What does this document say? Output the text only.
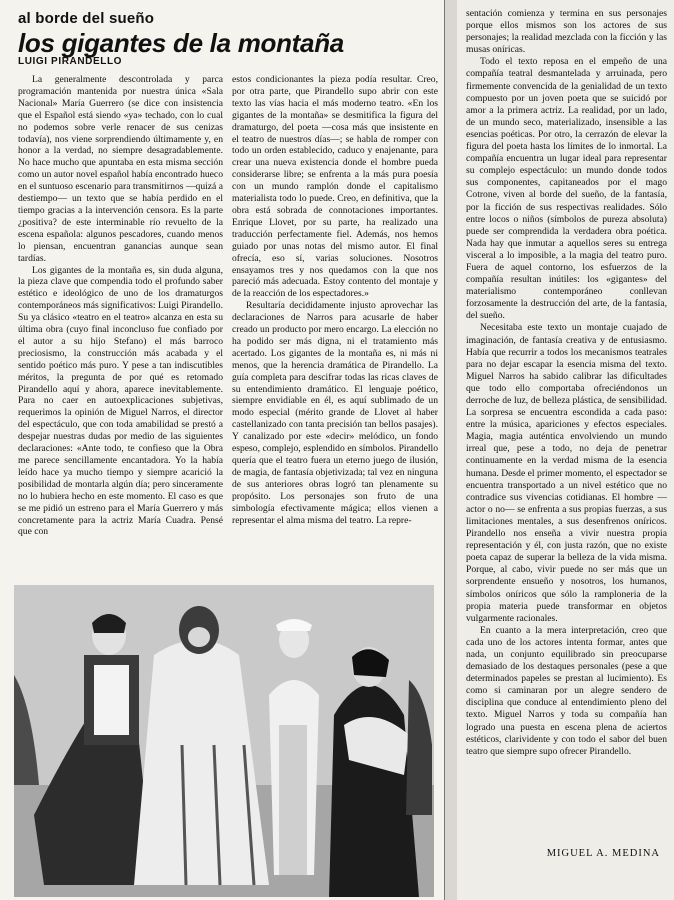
al borde del sueño
los gigantes de la montaña
LUIGI PIRANDELLO

La generalmente descontrolada y parca programación mantenida por nuestra única «Sala Nacional» María Guerrero (se dice con insistencia que el Español está siendo «ya» techado, con lo cual no podemos sobre verle renacer de sus cenizas todavía), nos viene sorprendiendo últimamente y, en honor a la verdad, no siempre desagradablemente. No hace mucho que apuntaba en esta misma sección como un autor novel español había encontrado hueco en el suntuoso escenario para transmitirnos —quizá a destiempo— un texto que se había perdido en el tiempo gracias a la intervención censora. Es la parte ¿positiva? de este interminable río revuelto de la escena española: algunos pescadores, cuando menos lo piensan, encuentran ganancias aunque sean tardías.

Los gigantes de la montaña es, sin duda alguna, la pieza clave que compendia todo el profundo saber estético e ideológico de uno de los dramaturgos contemporáneos más significativos: Luigi Pirandello. Su ya clásico «teatro en el teatro» alcanza en esta su última obra (cuyo final inconcluso fue confiado por el autor a su hijo Stefano) el más barroco preciosismo, la construcción más acabada y el sentido poético más puro. Y pese a tan indiscutibles méritos, la pregunta de por qué es retomado Pirandello aquí y ahora, aparece inevitablemente. Para no caer en autoexplicaciones subjetivas, requerimos la opinión de Miguel Narros, el director del espectáculo, que con toda amabilidad se prestó a despejar nuestras dudas por medio de las siguientes declaraciones: «Ante todo, te confieso que la Obra me parece sencillamente encantadora. Yo la había leído hace ya mucho tiempo y siempre acarició la posibilidad de montarla algún día; pero sinceramente no lo hubiera hecho en este momento. El caso es que se me pidió un estreno para el María Guerrero y más concretamente para la actriz María Cuadra. Pensé que con

estos condicionantes la pieza podía resultar. Creo, por otra parte, que Pirandello supo abrir con este texto las vías hacia el más moderno teatro. «En los gigantes de la montaña» se desmitifica la figura del dramaturgo, del poeta —cosa más que insistente en el teatro de nuestros días—; se habla de romper con todo un orden establecido, caduco y enajenante, para crear una nueva existencia donde el hombre pueda considerarse libre; se enfrenta a la más pura poesía con un mundo ramplón donde el capitalismo materialista todo lo puede. Creo, en definitiva, que la obra está sobrada de connotaciones importantes. Enrique Llovet, por su parte, ha realizado una traducción perfectamente fiel. Además, nos hemos guiado por unas notas del mismo autor. El final ofrecía, eso sí, varias soluciones. Nosotros ensayamos tres y nos quedamos con la que nos pareció más adecuada. Estoy contento del montaje y de la reacción de los espectadores.»

Resultaría decididamente injusto aprovechar las declaraciones de Narros para acusarle de haber creado un producto por mero encargo. La elección no ha podido ser más digna, ni el tratamiento más acertado. Los gigantes de la montaña es, ni más ni menos, que la herencia dramática de Pirandello. La guía completa para descifrar todas las ricas claves de su entendimiento dramático. El lenguaje poético, siempre envidiable en él, es aquí sublimado de un modo especial (mérito grande de Llovet al haber castellanizado con tanta precisión tan bellos pasajes). Y canalizado por este «decir» melódico, un fondo espeso, complejo, esplendido en símbolos. Pirandello quería que el teatro fuera un eterno juego de ilusión, de magia, de fantasía objetivizada; tal vez en ninguna de sus anteriores obras logró tan plenamente su propósito. Los personajes son fruto de una simbología efectivamente mágica; ellos vienen a representar el alma misma del teatro. La repre-

sentación comienza y termina en sus personajes porque ellos mismos son los actores de sus personajes; la realidad mezclada con la ficción y las musas oníricas.

Todo el texto reposa en el empeño de una compañía teatral desmantelada y arruinada, pero firmemente convencida de la genialidad de un texto compuesto por un joven poeta que se suicidó por amor a la primera actriz. La realidad, por un lado, de un mundo seco, materializado, insensible a las esencias poéticas. Por otro, la cerrazón de elevar la figura del poeta hasta los límites de lo inmortal. La compañía encuentra un lugar ideal para representar su complejo espectáculo: un mundo donde todos sus componentes, capitaneados por el mago Cotrone, viven al borde del sueño, de la fantasía, por la ficción de sus respectivas realidades. Sólo entre locos o niños (símbolos de pureza absoluta) puede ser comprendida la verdadera obra poética. Nada hay que inmutar a aquellos seres su entrega visceral a lo imposible, a la magia del teatro puro. Fuera de aquel contorno, los esfuerzos de la compañía resultan inútiles: los «gigantes» del materialismo contemporáneo conllevan forzosamente la destrucción del arte, de la fantasía, del sueño.

Necesitaba este texto un montaje cuajado de imaginación, de fantasía creativa y de entusiasmo. Había que recurrir a todos los mecanismos teatrales para no dejar escapar la esencia misma del texto. Miguel Narros ha sabido calibrar las dificultades que todo ello comportaba ofreciéndonos un derroche de luz, de belleza plástica, de sensibilidad. La sorpresa se encuentra escondida a cada paso: entre la música, apariciones y efectos especiales. Magia, magia auténtica envolviendo un mundo irreal que, pese a todo, no deja de penetrar continuamente en la verdad misma de la esencia humana. Desde el primer momento, el espectador se encuentra transportado a un nivel estético que no contradice sus vivencias cotidianas. El hombre —actor o no— se enfrenta a sus propias fuerzas, a sus limitaciones mentales, a sus desenfrenos oníricos. Pirandello nos enseña a vivir nuestra propia representación y él, con justa razón, que no existe poeta capaz de superar la belleza de la vida misma. Porque, al cabo, vivir puede no ser más que un sorprendente ensueño y nosotros, los humanos, símbolos oníricos que sólo la ramploneria de la propia materia puede transformar en objetos vulgarmente racionales.

En cuanto a la mera interpretación, creo que cada uno de los actores intenta formar, antes que nada, un conjunto equilibrado sin preocuparse demasiado de los destaques personales (pese a que determinados papeles se prestan al lucimiento). Es como si caminaran por un alegre sendero de disciplina que conduce al entendimiento pleno del texto. Miguel Narros y toda su compañía han logrado una puesta en escena plena de aciertos estéticos, clarividente y con todo el sabor del buen teatro que siempre supo ofrecer Pirandello.

MIGUEL A. MEDINA
